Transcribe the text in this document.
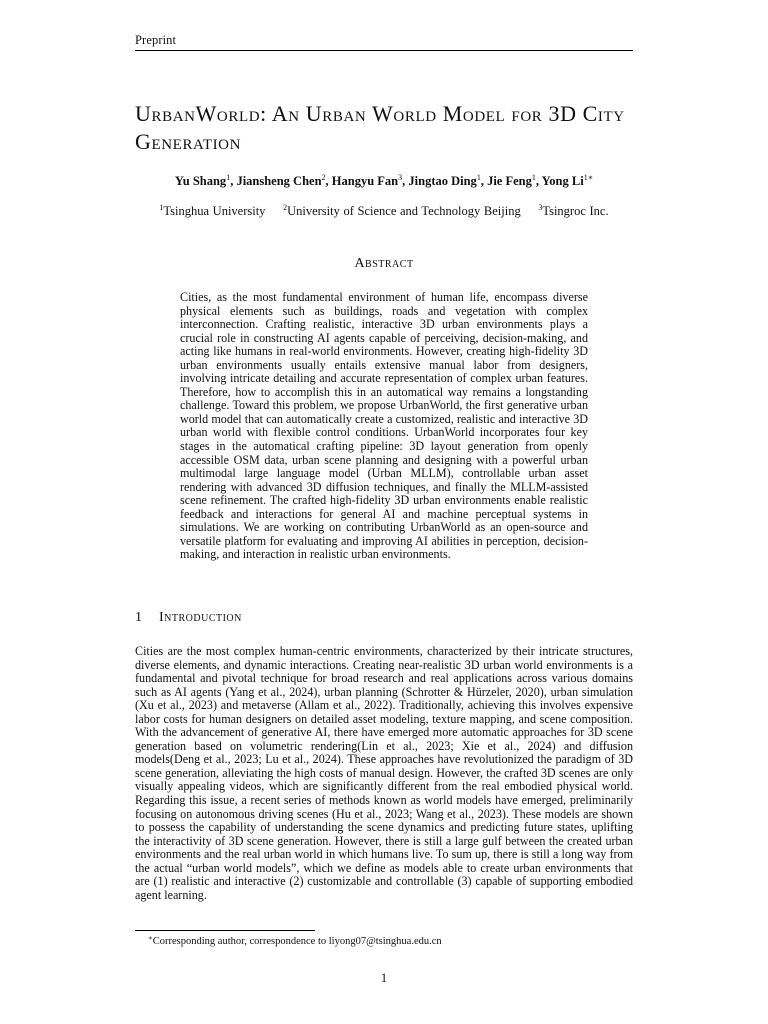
Preprint
UrbanWorld: An Urban World Model for 3D City Generation
Yu Shang$^1$, Jiansheng Chen$^2$, Hangyu Fan$^3$, Jingtao Ding$^1$, Jie Feng$^1$, Yong $Li^{1∗}$
$^1$Tsinghua University $^2$University of Science and Technology Beijing $^3$Tsingroc Inc.
Abstract

Cities, as the most fundamental environment of human life, encompass diverse physical elements such as buildings, roads and vegetation with complex interconnection. Crafting realistic, interactive 3D urban environments plays a crucial role in constructing AI agents capable of perceiving, decision-making, and acting like humans in real-world environments. However, creating high-fidelity 3D urban environments usually entails extensive manual labor from designers, involving intricate detailing and accurate representation of complex urban features. Therefore, how to accomplish this in an automatical way remains a longstanding challenge. Toward this problem, we propose UrbanWorld, the first generative urban world model that can automatically create a customized, realistic and interactive 3D urban world with flexible control conditions. UrbanWorld incorporates four key stages in the automatical crafting pipeline: 3D layout generation from openly accessible OSM data, urban scene planning and designing with a powerful urban multimodal large language model (Urban MLLM), controllable urban asset rendering with advanced 3D diffusion techniques, and finally the MLLM-assisted scene refinement. The crafted high-fidelity 3D urban environments enable realistic feedback and interactions for general AI and machine perceptual systems in simulations. We are working on contributing UrbanWorld as an open-source and versatile platform for evaluating and improving AI abilities in perception, decision-making, and interaction in realistic urban environments.

1 Introduction

Cities are the most complex human-centric environments, characterized by their intricate structures, diverse elements, and dynamic interactions. Creating near-realistic 3D urban world environments is a fundamental and pivotal technique for broad research and real applications across various domains such as AI agents (Yang et al., 2024), urban planning (Schrotter & Hürzeler, 2020), urban simulation (Xu et al., 2023) and metaverse (Allam et al., 2022). Traditionally, achieving this involves expensive labor costs for human designers on detailed asset modeling, texture mapping, and scene composition. With the advancement of generative AI, there have emerged more automatic approaches for 3D scene generation based on volumetric rendering(Lin et al., 2023; Xie et al., 2024) and diffusion models(Deng et al., 2023; Lu et al., 2024). These approaches have revolutionized the paradigm of 3D scene generation, alleviating the high costs of manual design. However, the crafted 3D scenes are only visually appealing videos, which are significantly different from the real embodied physical world. Regarding this issue, a recent series of methods known as world models have emerged, preliminarily focusing on autonomous driving scenes (Hu et al., 2023; Wang et al., 2023). These models are shown to possess the capability of understanding the scene dynamics and predicting future states, uplifting the interactivity of 3D scene generation. However, there is still a large gulf between the created urban environments and the real urban world in which humans live. To sum up, there is still a long way from the actual “urban world models”, which we define as models able to create urban environments that are (1) realistic and interactive (2) customizable and controllable (3) capable of supporting embodied agent learning.

∗Corresponding author, correspondence to liyong07@tsinghua.edu.cn
1
